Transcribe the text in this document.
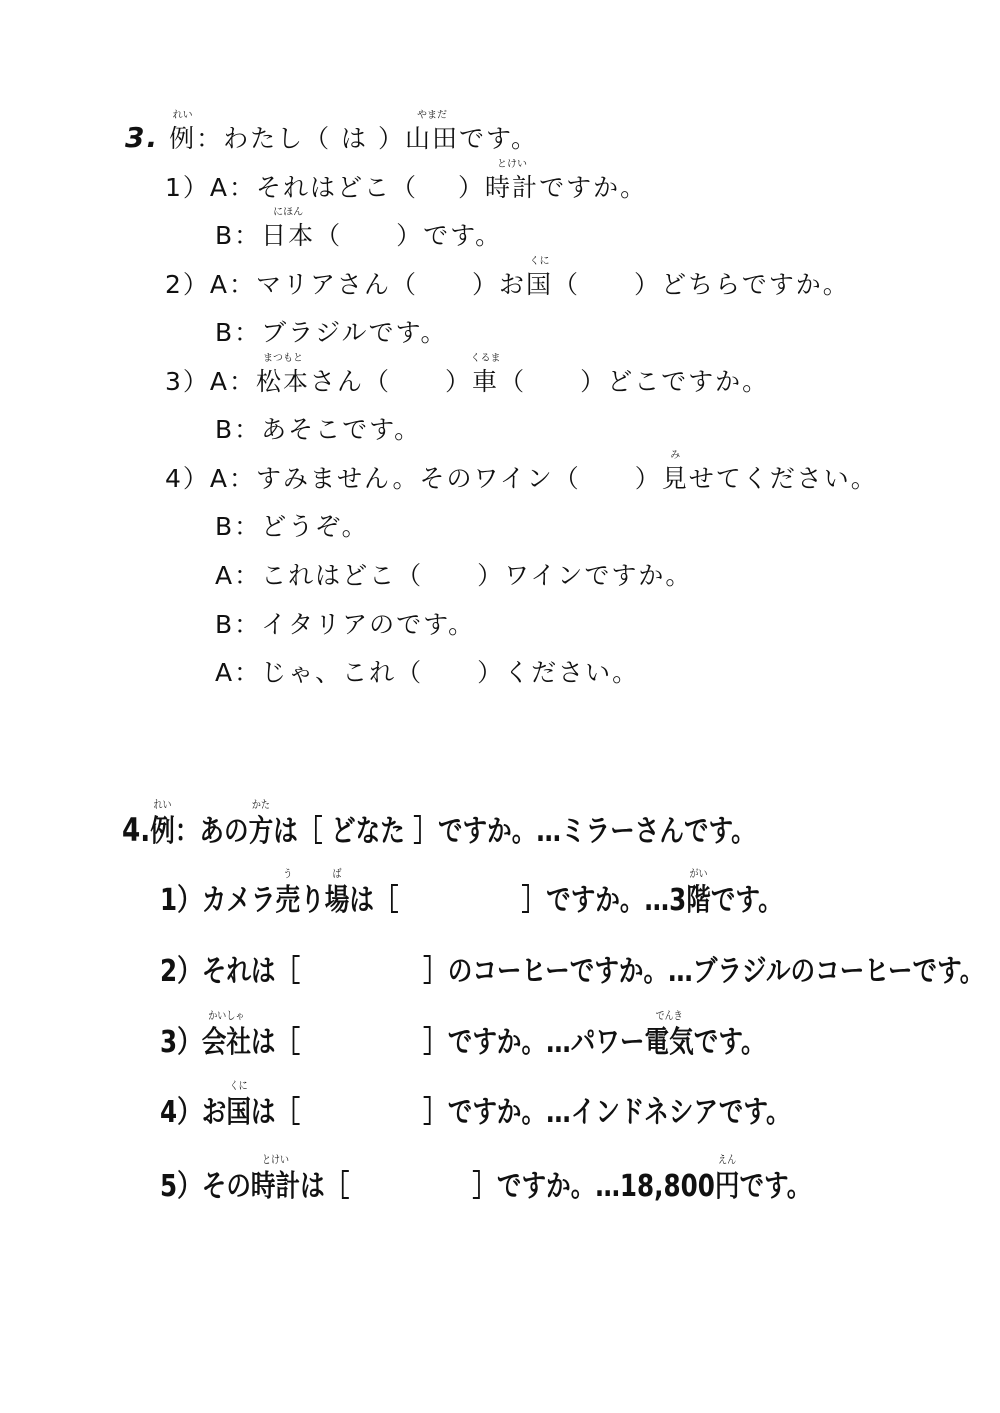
3.
れい
例：わたし（ は ）
やまだ
山田です。
1）A：それはどこ（ ）
とけい
時計ですか。
B：
にほん
日本（　　）です。
2）A：マリアさん（　　）お
くに
国（　　）どちらですか。
B：ブラジルです。
3）A：
まつもと
松本さん（　　）
くるま
車（　　）どこですか。
B：あそこです。
4）A：すみません。そのワイン（　　）
み
見せてください。
B：どうぞ。
A：これはどこ（　　）ワインですか。
B：イタリアのです。
A：じゃ、これ（　　）ください。
4.
れい
例：あの
かた
方は［ どなた ］ですか。…ミラーさんです。
1）カメラ
う
売り
ば
場は［　　　　　］ですか。…3
がい
階です。
2）それは［　　　　　］のコーヒーですか。…ブラジルのコーヒーです。
3）
かいしゃ
会社は［　　　　　］ですか。…パワー
でんき
電気です。
4）お
くに
国は［　　　　　］ですか。…インドネシアです。
5）その
とけい
時計は［　　　　　］ですか。…18,800
えん
円です。
